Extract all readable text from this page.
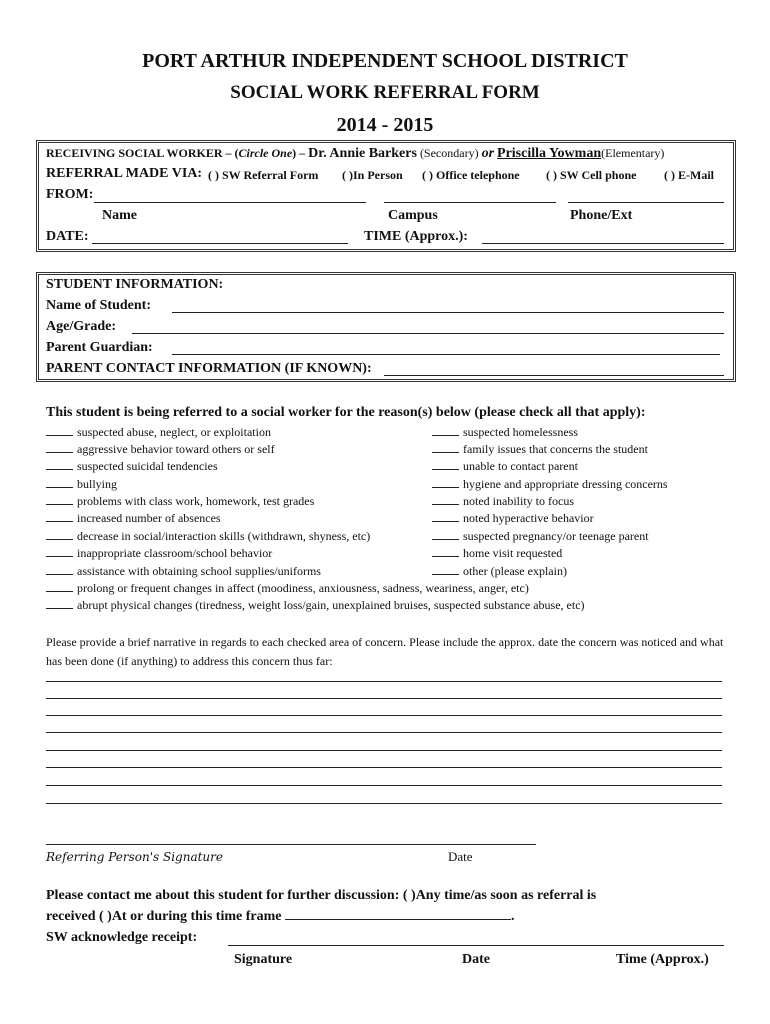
PORT ARTHUR INDEPENDENT SCHOOL DISTRICT
SOCIAL WORK REFERRAL FORM
2014 - 2015
RECEIVING SOCIAL WORKER – (Circle One) – Dr. Annie Barkers (Secondary) or Priscilla Yowman(Elementary)
REFERRAL MADE VIA: ( ) SW Referral Form ( )In Person ( ) Office telephone ( ) SW Cell phone ( ) E-Mail
FROM:
Name	Campus	Phone/Ext
DATE:	TIME (Approx.):
STUDENT INFORMATION:
Name of Student:
Age/Grade:
Parent Guardian:
PARENT CONTACT INFORMATION (IF KNOWN):
This student is being referred to a social worker for the reason(s) below (please check all that apply):
suspected abuse, neglect, or exploitation
aggressive behavior toward others or self
suspected suicidal tendencies
bullying
problems with class work, homework, test grades
increased number of absences
decrease in social/interaction skills (withdrawn, shyness, etc)
inappropriate classroom/school behavior
assistance with obtaining school supplies/uniforms
prolong or frequent changes in affect (moodiness, anxiousness, sadness, weariness, anger, etc)
abrupt physical changes (tiredness, weight loss/gain, unexplained bruises, suspected substance abuse, etc)
suspected homelessness
family issues that concerns the student
unable to contact parent
hygiene and appropriate dressing concerns
noted inability to focus
noted hyperactive behavior
suspected pregnancy/or teenage parent
home visit requested
other (please explain)
Please provide a brief narrative in regards to each checked area of concern. Please include the approx. date the concern was noticed and what has been done (if anything) to address this concern thus far:
Referring Person's Signature	Date
Please contact me about this student for further discussion: ( )Any time/as soon as referral is
received ( )At or during this time frame	.
SW acknowledge receipt:
Signature	Date	Time (Approx.)
